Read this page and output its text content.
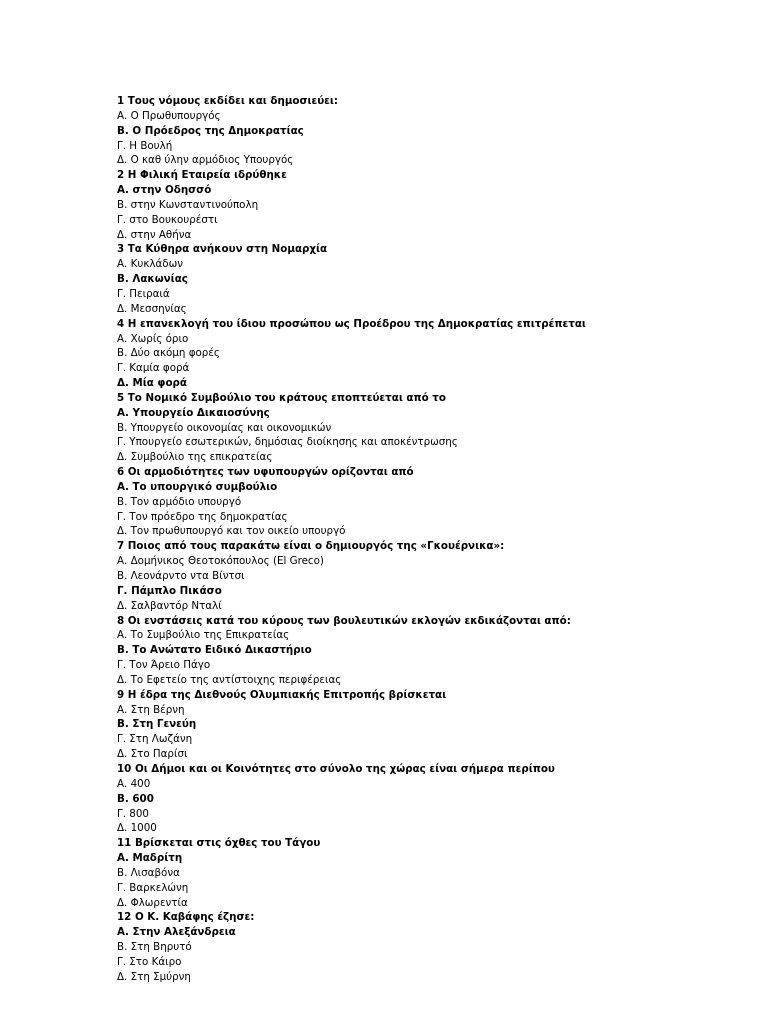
1 Τους νόμους εκδίδει και δημοσιεύει:
Α. Ο Πρωθυπουργός
Β. Ο Πρόεδρος της Δημοκρατίας
Γ. Η Βουλή
Δ. Ο καθ ύλην αρμόδιος Υπουργός
2 Η Φιλική Εταιρεία ιδρύθηκε
Α. στην Οδησσό
Β. στην Κωνσταντινούπολη
Γ. στο Βουκουρέστι
Δ. στην Αθήνα
3 Τα Κύθηρα ανήκουν στη Νομαρχία
Α. Κυκλάδων
Β. Λακωνίας
Γ. Πειραιά
Δ. Μεσσηνίας
4 Η επανεκλογή του ίδιου προσώπου ως Προέδρου της Δημοκρατίας επιτρέπεται
Α. Χωρίς όριο
Β. Δύο ακόμη φορές
Γ. Καμία φορά
Δ. Μία φορά
5 Το Νομικό Συμβούλιο του κράτους εποπτεύεται από το
Α. Υπουργείο Δικαιοσύνης
Β. Υπουργείο οικονομίας και οικονομικών
Γ. Υπουργείο εσωτερικών, δημόσιας διοίκησης και αποκέντρωσης
Δ. Συμβούλιο της επικρατείας
6 Οι αρμοδιότητες των υφυπουργών ορίζονται από
Α. Το υπουργικό συμβούλιο
Β. Τον αρμόδιο υπουργό
Γ. Τον πρόεδρο της δημοκρατίας
Δ. Τον πρωθυπουργό και τον οικείο υπουργό
7 Ποιος από τους παρακάτω είναι ο δημιουργός της «Γκουέρνικα»:
Α. Δομήνικος Θεοτοκόπουλος (El Greco)
Β. Λεονάρντο ντα Βίντσι
Γ. Πάμπλο Πικάσο
Δ. Σαλβαντόρ Νταλί
8 Οι ενστάσεις κατά του κύρους των βουλευτικών εκλογών εκδικάζονται από:
Α. Το Συμβούλιο της Επικρατείας
Β. Το Ανώτατο Ειδικό Δικαστήριο
Γ. Τον Άρειο Πάγο
Δ. Το Εφετείο της αντίστοιχης περιφέρειας
9 Η έδρα της Διεθνούς Ολυμπιακής Επιτροπής βρίσκεται
Α. Στη Βέρνη
Β. Στη Γενεύη
Γ. Στη Λωζάνη
Δ. Στο Παρίσι
10 Οι Δήμοι και οι Κοινότητες στο σύνολο της χώρας είναι σήμερα περίπου
Α. 400
Β. 600
Γ. 800
Δ. 1000
11 Βρίσκεται στις όχθες του Τάγου
Α. Μαδρίτη
Β. Λισαβόνα
Γ. Βαρκελώνη
Δ. Φλωρεντία
12 Ο Κ. Καβάφης έζησε:
Α. Στην Αλεξάνδρεια
Β. Στη Βηρυτό
Γ. Στο Κάιρο
Δ. Στη Σμύρνη
